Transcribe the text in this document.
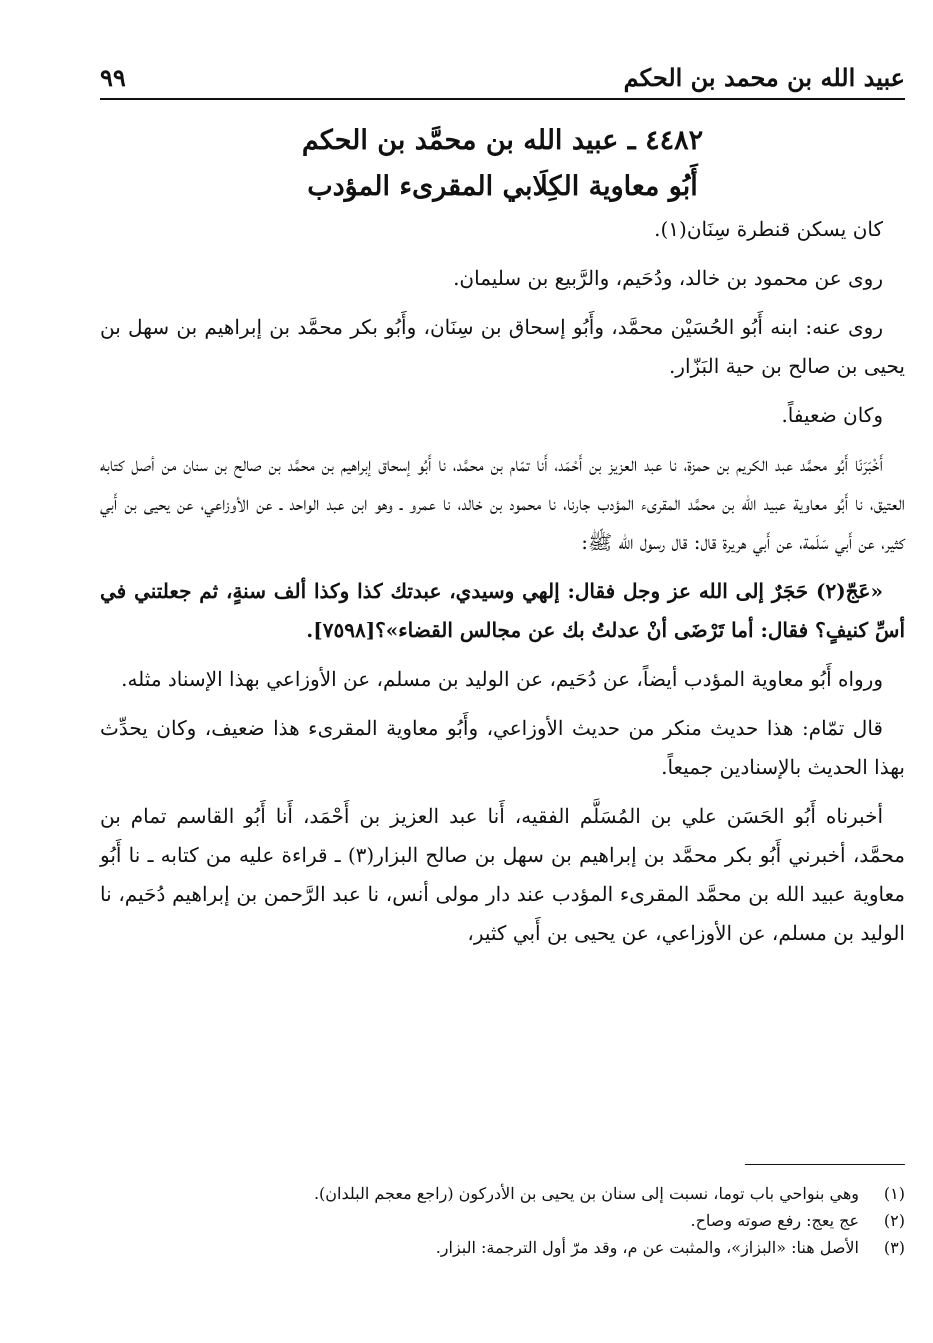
عبيد الله بن محمد بن الحكم
٩٩
٤٤٨٢ ـ عبيد الله بن محمَّد بن الحكم
أَبُو معاوية الكِلَابي المقرىء المؤدب

كان يسكن قنطرة سِنَان(١).

روى عن محمود بن خالد، ودُحَيم، والرَّبيع بن سليمان.

روى عنه: ابنه أَبُو الحُسَيْن محمَّد، وأَبُو إسحاق بن سِنَان، وأَبُو بكر محمَّد بن إبراهيم بن سهل بن يحيى بن صالح بن حية البَزّار.

وكان ضعيفاً.

أَخْبَرَنَا أَبُو محمَّد عبد الكريم بن حمزة، نا عبد العزيز بن أَحْمَد، أَنا تمّام بن محمَّد، نا أَبُو إسحاق إبراهيم بن محمَّد بن صالح بن سنان من أصل كتابه العتيق، نا أَبُو معاوية عبيد الله بن محمَّد المقرىء المؤدب جارنا، نا محمود بن خالد، نا عمرو ـ وهو ابن عبد الواحد ـ عن الأوزاعي، عن يحيى بن أَبي كثير، عن أَبي سَلَمة، عن أَبي هريرة قال: قال رسول الله ﷺ:

«عَجّ(٢) حَجَرٌ إلى الله عز وجل فقال: إلهي وسيدي، عبدتك كذا وكذا ألف سنةٍ، ثم جعلتني في أسِّ كنيفٍ؟ فقال: أما تَرْضَى أنْ عدلتُ بك عن مجالس القضاء»؟[٧٥٩٨].

ورواه أَبُو معاوية المؤدب أيضاً، عن دُحَيم، عن الوليد بن مسلم، عن الأوزاعي بهذا الإسناد مثله.

قال تمّام: هذا حديث منكر من حديث الأوزاعي، وأَبُو معاوية المقرىء هذا ضعيف، وكان يحدِّث بهذا الحديث بالإسنادين جميعاً.

أخبرناه أَبُو الحَسَن علي بن المُسَلَّم الفقيه، أَنا عبد العزيز بن أَحْمَد، أَنا أَبُو القاسم تمام بن محمَّد، أخبرني أَبُو بكر محمَّد بن إبراهيم بن سهل بن صالح البزار(٣) ـ قراءة عليه من كتابه ـ نا أَبُو معاوية عبيد الله بن محمَّد المقرىء المؤدب عند دار مولى أنس، نا عبد الرَّحمن بن إبراهيم دُحَيم، نا الوليد بن مسلم، عن الأوزاعي، عن يحيى بن أَبي كثير،

(١)
وهي بنواحي باب توما، نسبت إلى سنان بن يحيى بن الأدركون (راجع معجم البلدان).
(٢)
عج يعج: رفع صوته وصاح.
(٣)
الأصل هنا: «البزاز»، والمثبت عن م، وقد مرّ أول الترجمة: البزار.
